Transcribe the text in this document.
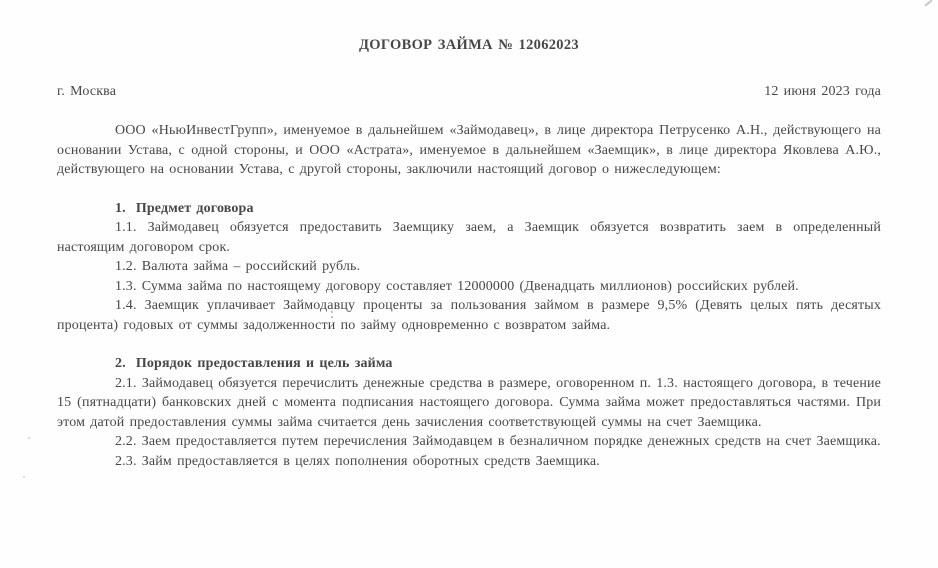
ДОГОВОР ЗАЙМА № 12062023
г. Москва	12 июня 2023 года

ООО «НьюИнвестГрупп», именуемое в дальнейшем «Займодавец», в лице директора Петрусенко А.Н., действующего на основании Устава, с одной стороны, и ООО «Астрата», именуемое в дальнейшем «Заемщик», в лице директора Яковлева А.Ю., действующего на основании Устава, с другой стороны, заключили настоящий договор о нижеследующем:

1. Предмет договора

1.1. Займодавец обязуется предоставить Заемщику заем, а Заемщик обязуется возвратить заем в определенный настоящим договором срок.

1.2. Валюта займа – российский рубль.

1.3. Сумма займа по настоящему договору составляет 12000000 (Двенадцать миллионов) российских рублей.

1.4. Заемщик уплачивает Займодавцу проценты за пользования займом в размере 9,5% (Девять целых пять десятых процента) годовых от суммы задолженности по займу одновременно с возвратом займа.

2. Порядок предоставления и цель займа

2.1. Займодавец обязуется перечислить денежные средства в размере, оговоренном п. 1.3. настоящего договора, в течение 15 (пятнадцати) банковских дней с момента подписания настоящего договора. Сумма займа может предоставляться частями. При этом датой предоставления суммы займа считается день зачисления соответствующей суммы на счет Заемщика.

2.2. Заем предоставляется путем перечисления Займодавцем в безналичном порядке денежных средств на счет Заемщика.

2.3. Займ предоставляется в целях пополнения оборотных средств Заемщика.
